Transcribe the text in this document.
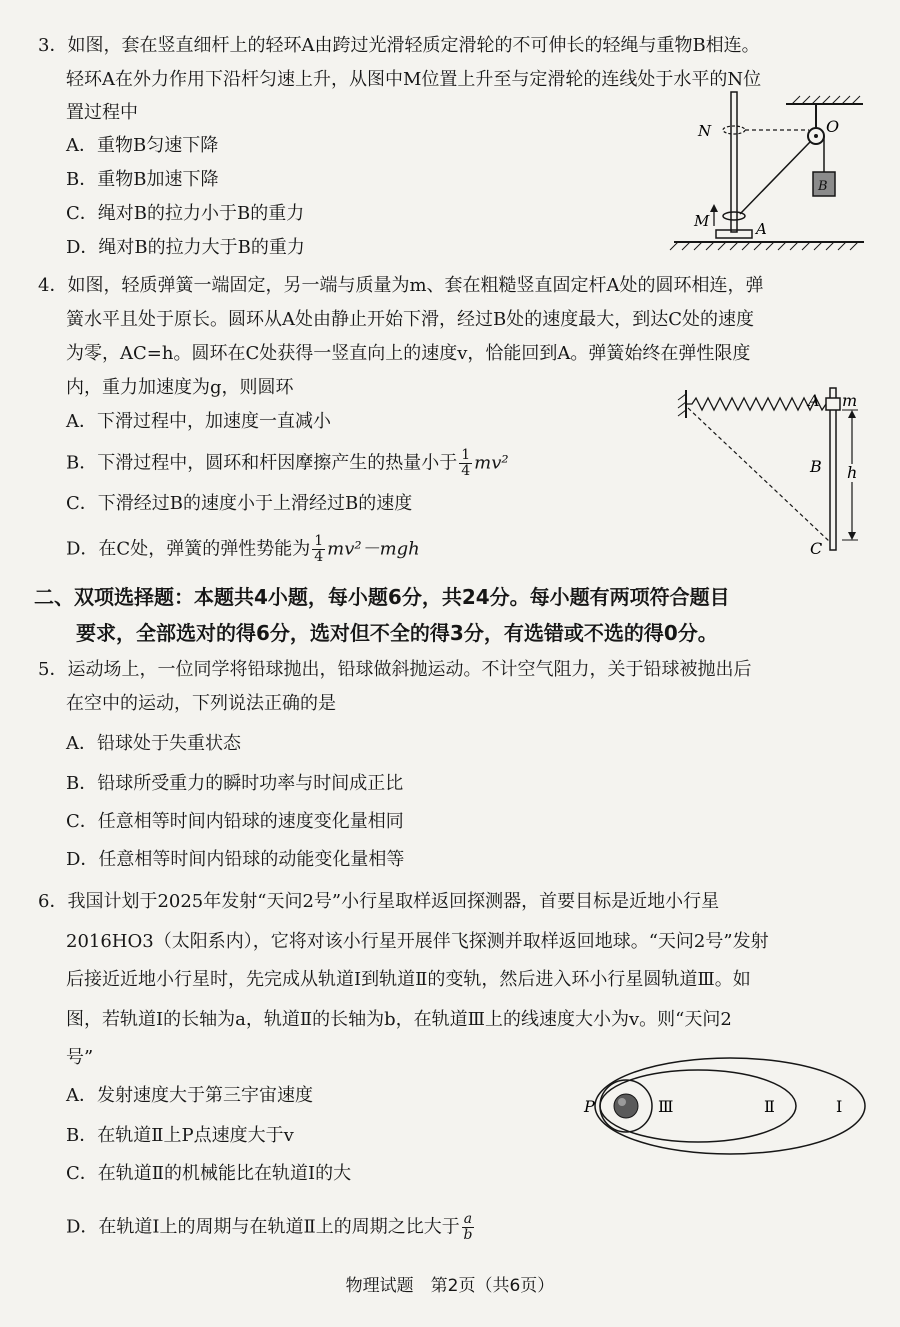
3．如图，套在竖直细杆上的轻环A由跨过光滑轻质定滑轮的不可伸长的轻绳与重物B相连。
轻环A在外力作用下沿杆匀速上升，从图中M位置上升至与定滑轮的连线处于水平的N位
置过程中
A．重物B匀速下降
B．重物B加速下降
C．绳对B的拉力小于B的重力
D．绳对B的拉力大于B的重力
O
N
M	A
B
4．如图，轻质弹簧一端固定，另一端与质量为m、套在粗糙竖直固定杆A处的圆环相连，弹
簧水平且处于原长。圆环从A处由静止开始下滑，经过B处的速度最大，到达C处的速度
为零，AC=h。圆环在C处获得一竖直向上的速度v，恰能回到A。弹簧始终在弹性限度
内，重力加速度为g，则圆环
A．下滑过程中，加速度一直减小
B．下滑过程中，圆环和杆因摩擦产生的热量小于 $\frac{1}{4} mv^2$
C．下滑经过B的速度小于上滑经过B的速度
D．在C处，弹簧的弹性势能为 $\frac{1}{4} mv^2-mgh$
A m
B
C
h
二、双项选择题：本题共4小题，每小题6分，共24分。每小题有两项符合题目
要求，全部选对的得6分，选对但不全的得3分，有选错或不选的得0分。
5．运动场上，一位同学将铅球抛出，铅球做斜抛运动。不计空气阻力，关于铅球被抛出后
在空中的运动，下列说法正确的是
A．铅球处于失重状态
B．铅球所受重力的瞬时功率与时间成正比
C．任意相等时间内铅球的速度变化量相同
D．任意相等时间内铅球的动能变化量相等
6．我国计划于2025年发射“天问2号”小行星取样返回探测器，首要目标是近地小行星
2016HO3（太阳系内），它将对该小行星开展伴飞探测并取样返回地球。“天问2号”发射
后接近近地小行星时，先完成从轨道Ⅰ到轨道Ⅱ的变轨，然后进入环小行星圆轨道Ⅲ。如
图，若轨道Ⅰ的长轴为a，轨道Ⅱ的长轴为b，在轨道Ⅲ上的线速度大小为v。则“天问2
号”
A．发射速度大于第三宇宙速度
B．在轨道Ⅱ上P点速度大于v
C．在轨道Ⅱ的机械能比在轨道Ⅰ的大
D．在轨道Ⅰ上的周期与在轨道Ⅱ上的周期之比大于 $\frac{a}{b}$
P	Ⅲ	Ⅱ	Ⅰ
物理试题　第2页（共6页）
